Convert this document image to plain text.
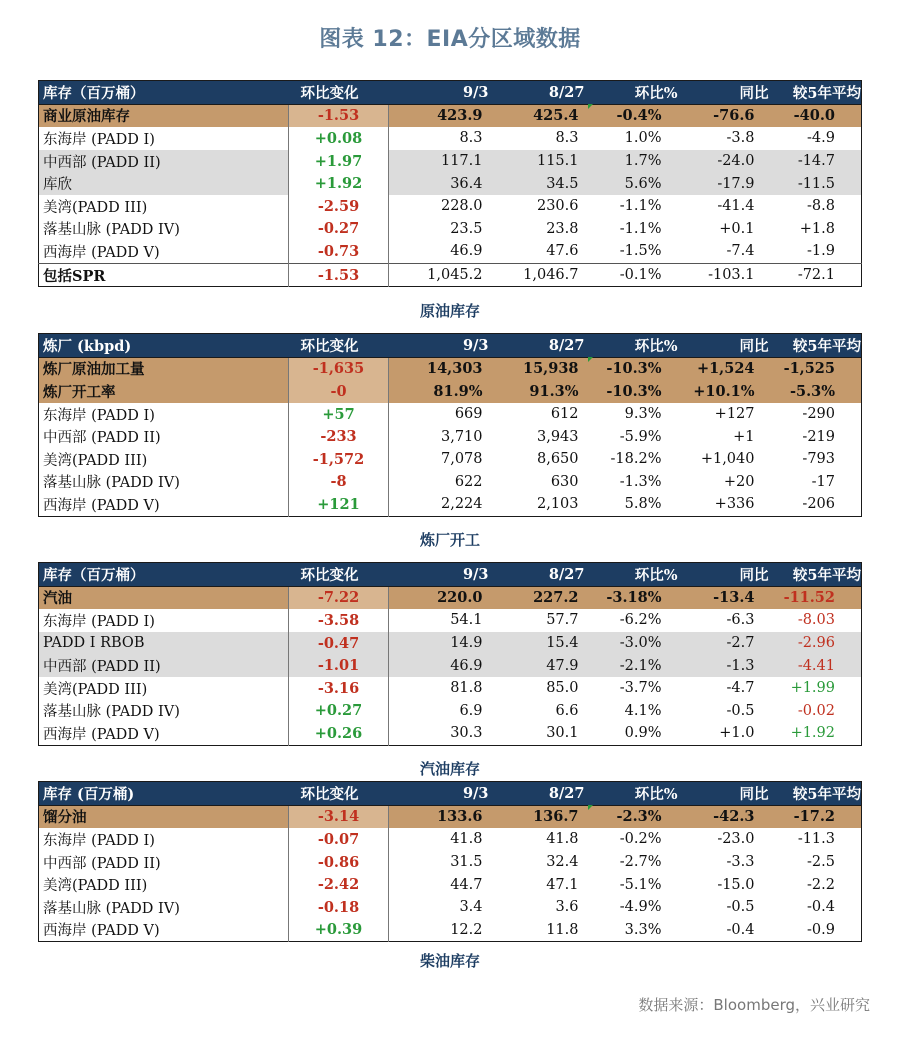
图表 12：EIA分区域数据
库存（百万桶）	环比变化	9/3	8/27	环比%	同比	较5年平均
商业原油库存	-1.53	423.9	425.4	-0.4%	-76.6	-40.0
东海岸 (PADD I)	+0.08	8.3	8.3	1.0%	-3.8	-4.9
中西部 (PADD II)	+1.97	117.1	115.1	1.7%	-24.0	-14.7
库欣	+1.92	36.4	34.5	5.6%	-17.9	-11.5
美湾(PADD III)	-2.59	228.0	230.6	-1.1%	-41.4	-8.8
落基山脉 (PADD IV)	-0.27	23.5	23.8	-1.1%	+0.1	+1.8
西海岸 (PADD V)	-0.73	46.9	47.6	-1.5%	-7.4	-1.9
包括SPR	-1.53	1,045.2	1,046.7	-0.1%	-103.1	-72.1
原油库存
炼厂 (kbpd)	环比变化	9/3	8/27	环比%	同比	较5年平均
炼厂原油加工量	-1,635	14,303	15,938	-10.3%	+1,524	-1,525
炼厂开工率	-0	81.9%	91.3%	-10.3%	+10.1%	-5.3%
东海岸 (PADD I)	+57	669	612	9.3%	+127	-290
中西部 (PADD II)	-233	3,710	3,943	-5.9%	+1	-219
美湾(PADD III)	-1,572	7,078	8,650	-18.2%	+1,040	-793
落基山脉 (PADD IV)	-8	622	630	-1.3%	+20	-17
西海岸 (PADD V)	+121	2,224	2,103	5.8%	+336	-206
炼厂开工
库存（百万桶）	环比变化	9/3	8/27	环比%	同比	较5年平均
汽油	-7.22	220.0	227.2	-3.18%	-13.4	-11.52
东海岸 (PADD I)	-3.58	54.1	57.7	-6.2%	-6.3	-8.03
PADD I RBOB	-0.47	14.9	15.4	-3.0%	-2.7	-2.96
中西部 (PADD II)	-1.01	46.9	47.9	-2.1%	-1.3	-4.41
美湾(PADD III)	-3.16	81.8	85.0	-3.7%	-4.7	+1.99
落基山脉 (PADD IV)	+0.27	6.9	6.6	4.1%	-0.5	-0.02
西海岸 (PADD V)	+0.26	30.3	30.1	0.9%	+1.0	+1.92
汽油库存
库存 (百万桶)	环比变化	9/3	8/27	环比%	同比	较5年平均
馏分油	-3.14	133.6	136.7	-2.3%	-42.3	-17.2
东海岸 (PADD I)	-0.07	41.8	41.8	-0.2%	-23.0	-11.3
中西部 (PADD II)	-0.86	31.5	32.4	-2.7%	-3.3	-2.5
美湾(PADD III)	-2.42	44.7	47.1	-5.1%	-15.0	-2.2
落基山脉 (PADD IV)	-0.18	3.4	3.6	-4.9%	-0.5	-0.4
西海岸 (PADD V)	+0.39	12.2	11.8	3.3%	-0.4	-0.9
柴油库存
数据来源：Bloomberg，兴业研究
